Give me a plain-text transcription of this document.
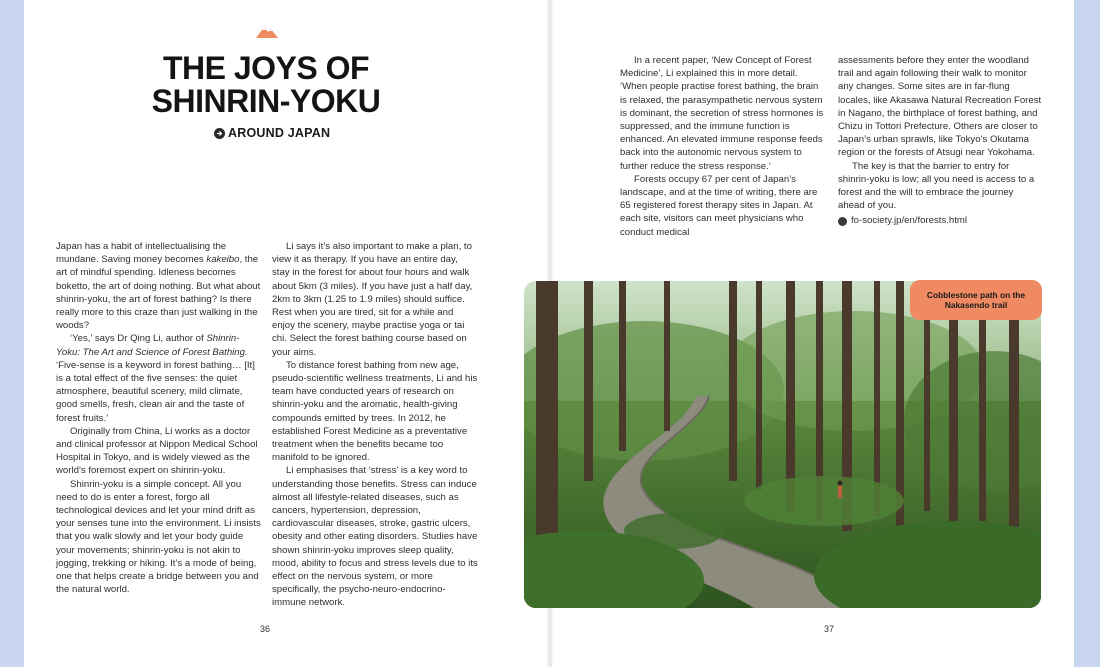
THE JOYS OF SHINRIN-YOKU
AROUND JAPAN

Japan has a habit of intellectualising the mundane. Saving money becomes kakeibo, the art of mindful spending. Idleness becomes boketto, the art of doing nothing. But what about shinrin-yoku, the art of forest bathing? Is there really more to this craze than just walking in the woods?

‘Yes,’ says Dr Qing Li, author of Shinrin-Yoku: The Art and Science of Forest Bathing. ‘Five-sense is a keyword in forest bathing… [It] is a total effect of the five senses: the quiet atmosphere, beautiful scenery, mild climate, good smells, fresh, clean air and the taste of forest fruits.’

Originally from China, Li works as a doctor and clinical professor at Nippon Medical School Hospital in Tokyo, and is widely viewed as the world’s foremost expert on shinrin-yoku.

Shinrin-yoku is a simple concept. All you need to do is enter a forest, forgo all technological devices and let your mind drift as your senses tune into the environment. Li insists that you walk slowly and let your body guide your movements; shinrin-yoku is not akin to jogging, trekking or hiking. It’s a mode of being, one that helps create a bridge between you and the natural world.

Li says it’s also important to make a plan, to view it as therapy. If you have an entire day, stay in the forest for about four hours and walk about 5km (3 miles). If you have just a half day, 2km to 3km (1.25 to 1.9 miles) should suffice. Rest when you are tired, sit for a while and enjoy the scenery, maybe practise yoga or tai chi. Select the forest bathing course based on your aims.

To distance forest bathing from new age, pseudo-scientific wellness treatments, Li and his team have conducted years of research on shinrin-yoku and the aromatic, health-giving compounds emitted by trees. In 2012, he established Forest Medicine as a preventative treatment when the benefits became too manifold to be ignored.

Li emphasises that ‘stress’ is a key word to understanding those benefits. Stress can induce almost all lifestyle-related diseases, such as cancers, hypertension, depression, cardiovascular diseases, stroke, gastric ulcers, obesity and other eating disorders. Studies have shown shinrin-yoku improves sleep quality, mood, ability to focus and stress levels due to its effect on the nervous system, or more specifically, the psycho-neuro-endocrino-immune network.

36

In a recent paper, ‘New Concept of Forest Medicine’, Li explained this in more detail. ‘When people practise forest bathing, the brain is relaxed, the parasympathetic nervous system is dominant, the secretion of stress hormones is suppressed, and the immune function is enhanced. An elevated immune response feeds back into the autonomic nervous system to further reduce the stress response.’

Forests occupy 67 per cent of Japan’s landscape, and at the time of writing, there are 65 registered forest therapy sites in Japan. At each site, visitors can meet physicians who conduct medical

assessments before they enter the woodland trail and again following their walk to monitor any changes. Some sites are in far-flung locales, like Akasawa Natural Recreation Forest in Nagano, the birthplace of forest bathing, and Chizu in Tottori Prefecture. Others are closer to Japan’s urban sprawls, like Tokyo’s Okutama region or the forests of Atsugi near Yokohama.

The key is that the barrier to entry for shinrin-yoku is low; all you need is access to a forest and the will to embrace the journey ahead of you.

fo-society.jp/en/forests.html
Cobblestone path on the Nakasendo trail
37
